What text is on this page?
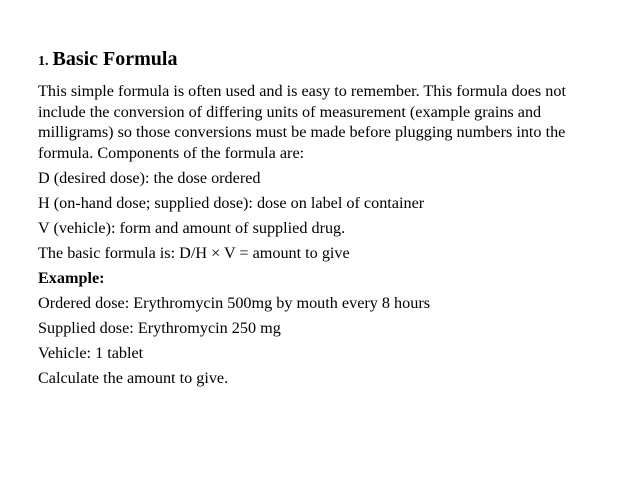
1. Basic Formula

This simple formula is often used and is easy to remember. This formula does not include the conversion of differing units of measurement (example grains and milligrams) so those conversions must be made before plugging numbers into the formula. Components of the formula are:

D (desired dose): the dose ordered

H (on-hand dose; supplied dose): dose on label of container

V (vehicle): form and amount of supplied drug.

The basic formula is: D/H × V = amount to give

Example:

Ordered dose: Erythromycin 500mg by mouth every 8 hours

Supplied dose: Erythromycin 250 mg

Vehicle: 1 tablet

Calculate the amount to give.
